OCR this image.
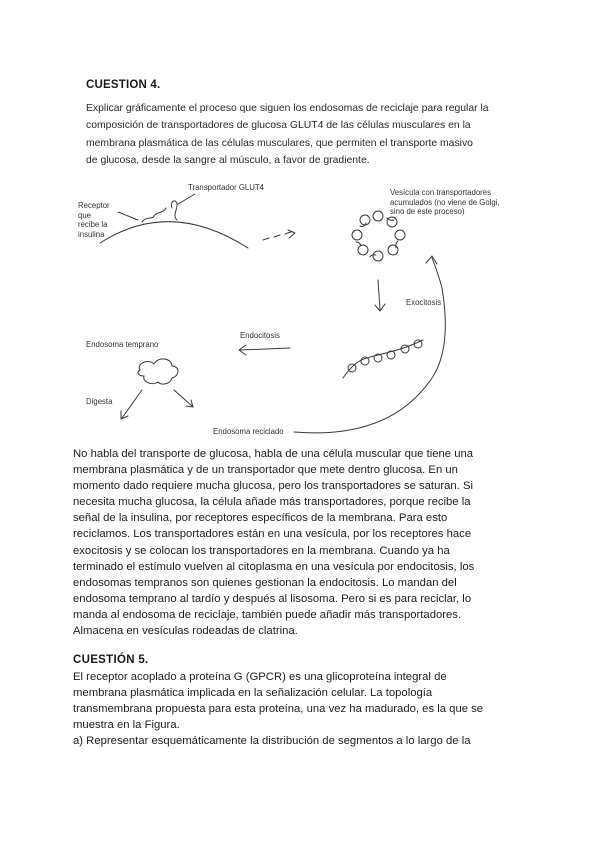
CUESTION 4.
Explicar gráficamente el proceso que siguen los endosomas de reciclaje para regular la
composición de transportadores de glucosa GLUT4 de las células musculares en la
membrana plasmática de las células musculares, que permiten el transporte masivo
de glucosa, desde la sangre al músculo, a favor de gradiente.
Receptor
que
recibe la
insulina
Transportador GLUT4
Vesícula con transportadores
acumulados (no viene de Golgi,
sino de este proceso)
Exocitosis
Endocitosis
Endosoma temprano
Digesta
Endosoma reciclado
No habla del transporte de glucosa, habla de una célula muscular que tiene una
membrana plasmática y de un transportador que mete dentro glucosa. En un
momento dado requiere mucha glucosa, pero los transportadores se saturan. Si
necesita mucha glucosa, la célula añade más transportadores, porque recibe la
señal de la insulina, por receptores específicos de la membrana. Para esto
reciclamos. Los transportadores están en una vesícula, por los receptores hace
exocitosis y se colocan los transportadores en la membrana. Cuando ya ha
terminado el estímulo vuelven al citoplasma en una vesícula por endocitosis, los
endosomas tempranos son quienes gestionan la endocitosis. Lo mandan del
endosoma temprano al tardío y después al lisosoma. Pero si es para reciclar, lo
manda al endosoma de reciclaje, también puede añadir más transportadores.
Almacena en vesículas rodeadas de clatrina.
CUESTIÓN 5.
El receptor acoplado a proteína G (GPCR) es una glicoproteína integral de
membrana plasmática implicada en la señalización celular. La topología
transmembrana propuesta para esta proteína, una vez ha madurado, es la que se
muestra en la Figura.
a) Representar esquemáticamente la distribución de segmentos a lo largo de la
